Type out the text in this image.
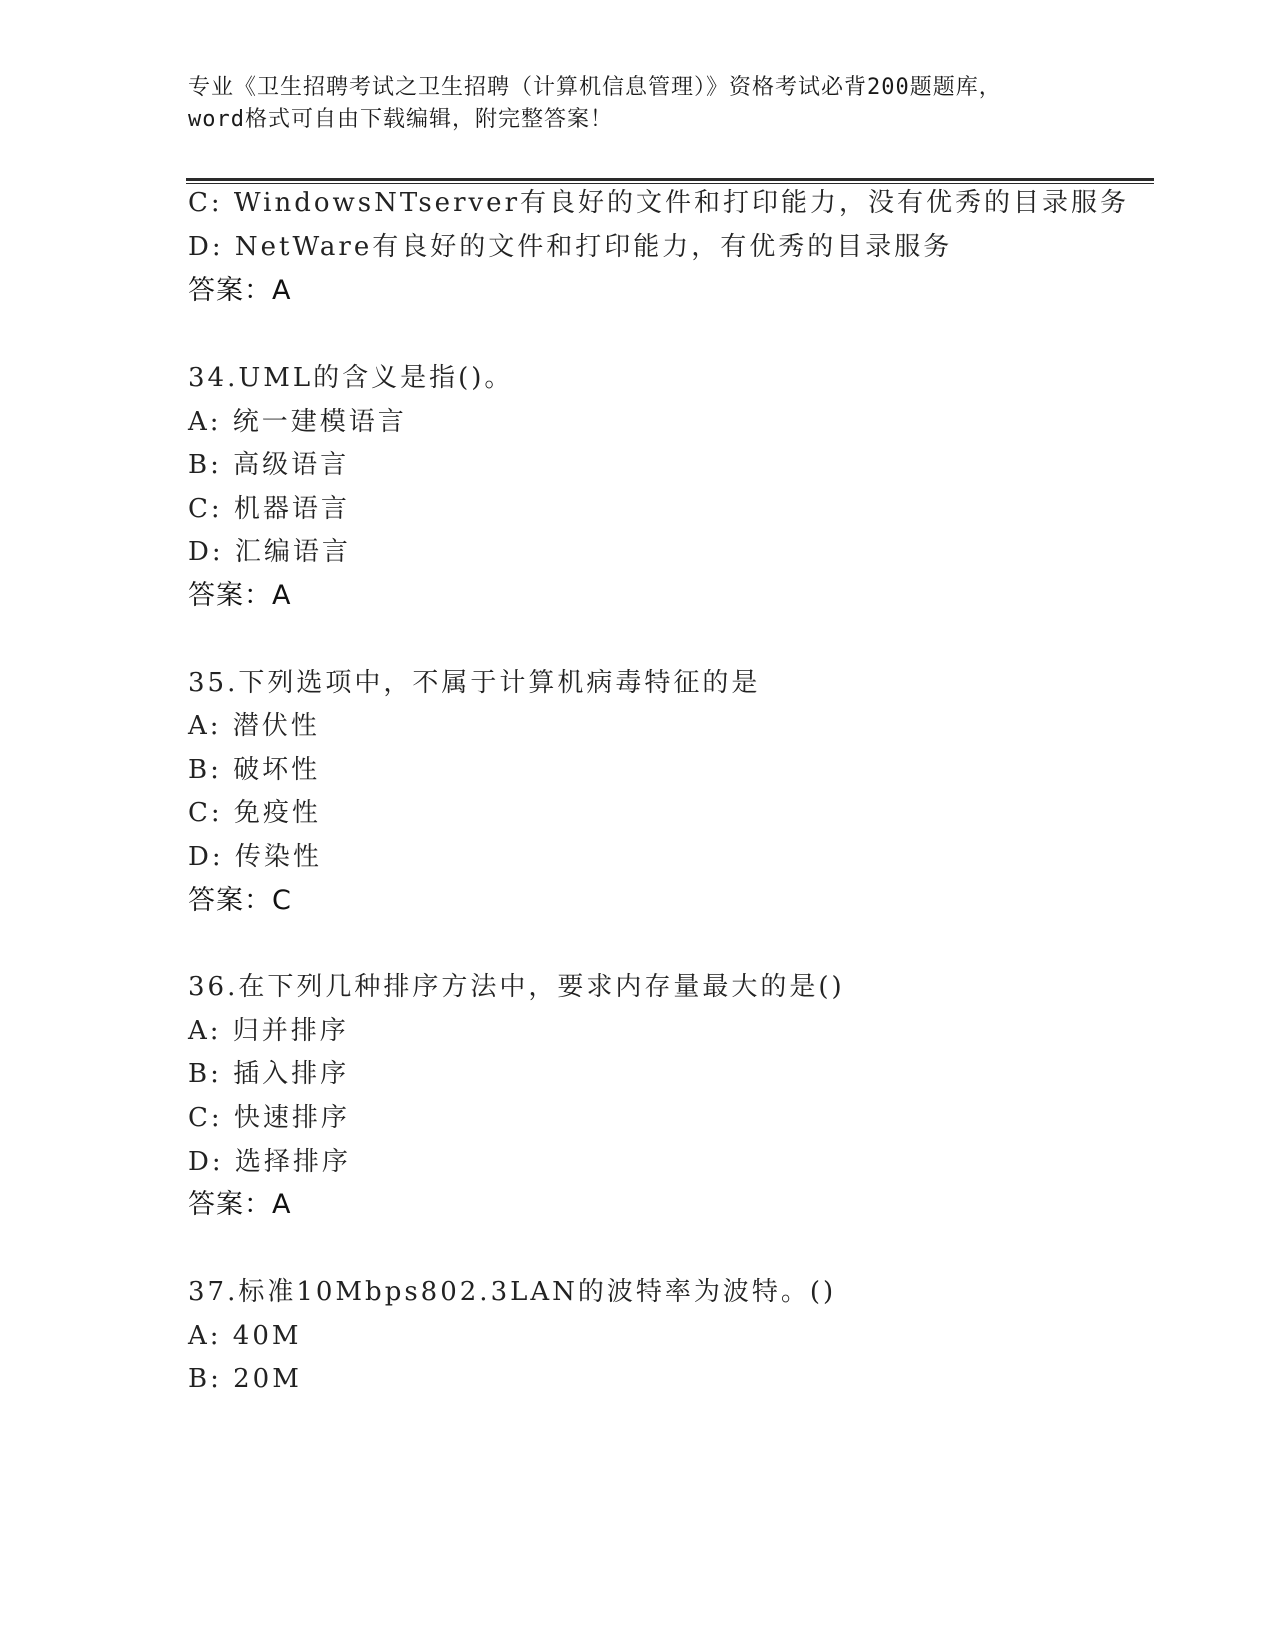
专业《卫生招聘考试之卫生招聘（计算机信息管理）》资格考试必背200题题库，
word格式可自由下载编辑，附完整答案！
C: WindowsNTserver有良好的文件和打印能力，没有优秀的目录服务
D: NetWare有良好的文件和打印能力，有优秀的目录服务
答案：A
34.UML的含义是指()。
A: 统一建模语言
B: 高级语言
C: 机器语言
D: 汇编语言
答案：A
35.下列选项中，不属于计算机病毒特征的是
A: 潜伏性
B: 破坏性
C: 免疫性
D: 传染性
答案：C
36.在下列几种排序方法中，要求内存量最大的是()
A: 归并排序
B: 插入排序
C: 快速排序
D: 选择排序
答案：A
37.标准10Mbps802.3LAN的波特率为波特。()
A: 40M
B: 20M
